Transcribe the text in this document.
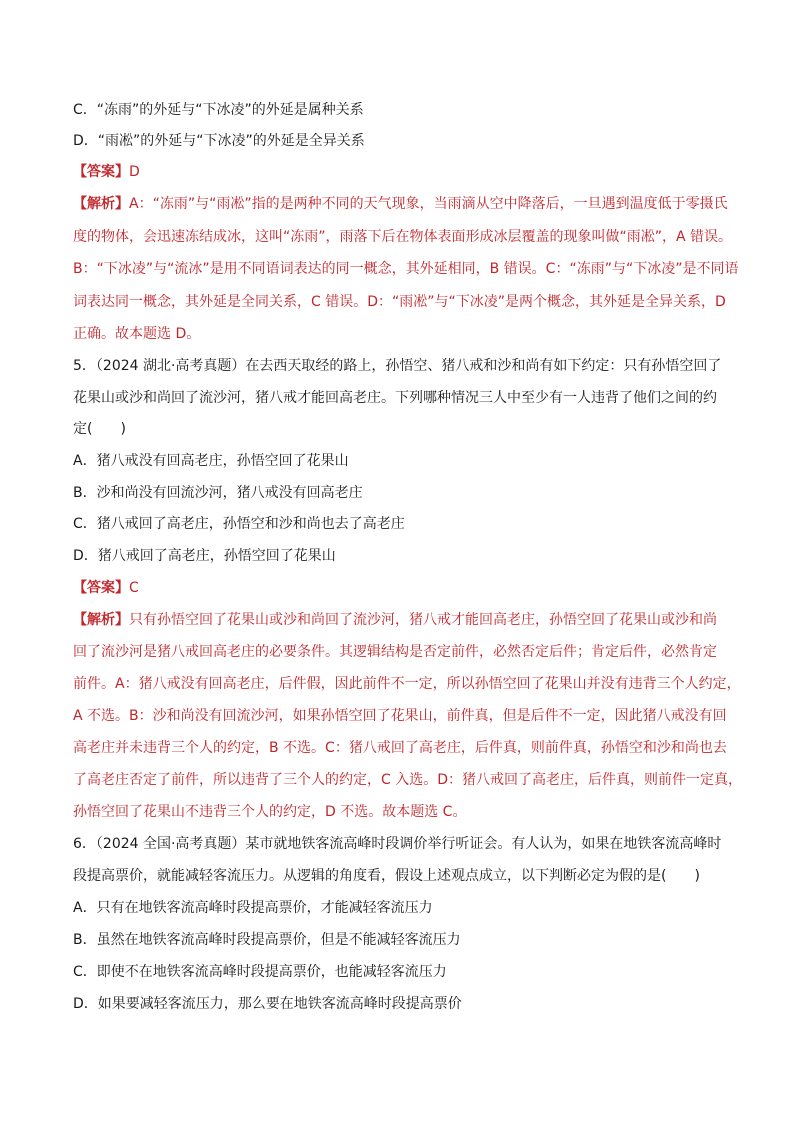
C．“冻雨”的外延与“下冰凌”的外延是属种关系
D．“雨凇”的外延与“下冰凌”的外延是全异关系
【答案】D
【解析】A：“冻雨”与“雨凇”指的是两种不同的天气现象，当雨滴从空中降落后，一旦遇到温度低于零摄氏
度的物体，会迅速冻结成冰，这叫“冻雨”，雨落下后在物体表面形成冰层覆盖的现象叫做“雨凇”，A 错误。
B：“下冰凌”与“流冰”是用不同语词表达的同一概念，其外延相同，B 错误。C：“冻雨”与“下冰凌”是不同语
词表达同一概念，其外延是全同关系，C 错误。D：“雨凇”与“下冰凌”是两个概念，其外延是全异关系，D
正确。故本题选 D。
5．（2024 湖北·高考真题）在去西天取经的路上，孙悟空、猪八戒和沙和尚有如下约定：只有孙悟空回了
花果山或沙和尚回了流沙河，猪八戒才能回高老庄。下列哪种情况三人中至少有一人违背了他们之间的约
定(　　)
A．猪八戒没有回高老庄，孙悟空回了花果山
B．沙和尚没有回流沙河，猪八戒没有回高老庄
C．猪八戒回了高老庄，孙悟空和沙和尚也去了高老庄
D．猪八戒回了高老庄，孙悟空回了花果山
【答案】C
【解析】只有孙悟空回了花果山或沙和尚回了流沙河，猪八戒才能回高老庄，孙悟空回了花果山或沙和尚
回了流沙河是猪八戒回高老庄的必要条件。其逻辑结构是否定前件，必然否定后件；肯定后件，必然肯定
前件。A：猪八戒没有回高老庄，后件假，因此前件不一定，所以孙悟空回了花果山并没有违背三个人约定，
A 不选。B：沙和尚没有回流沙河，如果孙悟空回了花果山，前件真，但是后件不一定，因此猪八戒没有回
高老庄并未违背三个人的约定，B 不选。C：猪八戒回了高老庄，后件真，则前件真，孙悟空和沙和尚也去
了高老庄否定了前件，所以违背了三个人的约定，C 入选。D：猪八戒回了高老庄，后件真，则前件一定真，
孙悟空回了花果山不违背三个人的约定，D 不选。故本题选 C。
6．（2024 全国·高考真题）某市就地铁客流高峰时段调价举行听证会。有人认为，如果在地铁客流高峰时
段提高票价，就能减轻客流压力。从逻辑的角度看，假设上述观点成立，以下判断必定为假的是(　　)
A．只有在地铁客流高峰时段提高票价，才能减轻客流压力
B．虽然在地铁客流高峰时段提高票价，但是不能减轻客流压力
C．即使不在地铁客流高峰时段提高票价，也能减轻客流压力
D．如果要减轻客流压力，那么要在地铁客流高峰时段提高票价
